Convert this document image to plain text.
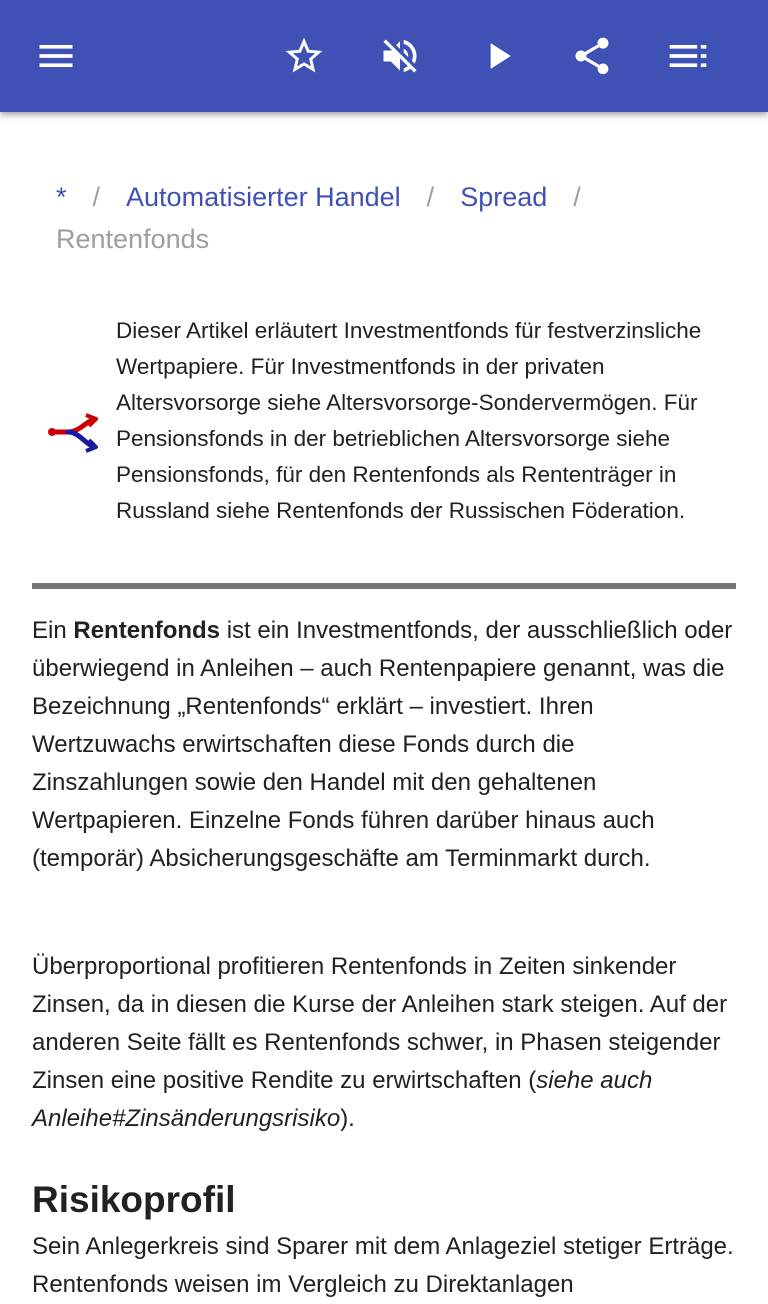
* / Automatisierter Handel / Spread /
Rentenfonds
Dieser Artikel erläutert Investmentfonds für festverzinsliche Wertpapiere. Für Investmentfonds in der privaten Altersvorsorge siehe Altersvorsorge-Sondervermögen. Für Pensionsfonds in der betrieblichen Altersvorsorge siehe Pensionsfonds, für den Rentenfonds als Rententräger in Russland siehe Rentenfonds der Russischen Föderation.

Ein Rentenfonds ist ein Investmentfonds, der ausschließlich oder überwiegend in Anleihen – auch Rentenpapiere genannt, was die Bezeichnung „Rentenfonds“ erklärt – investiert. Ihren Wertzuwachs erwirtschaften diese Fonds durch die Zinszahlungen sowie den Handel mit den gehaltenen Wertpapieren. Einzelne Fonds führen darüber hinaus auch (temporär) Absicherungsgeschäfte am Terminmarkt durch.

Überproportional profitieren Rentenfonds in Zeiten sinkender Zinsen, da in diesen die Kurse der Anleihen stark steigen. Auf der anderen Seite fällt es Rentenfonds schwer, in Phasen steigender Zinsen eine positive Rendite zu erwirtschaften (siehe auch Anleihe#Zinsänderungsrisiko).

Risikoprofil

Sein Anlegerkreis sind Sparer mit dem Anlageziel stetiger Erträge. Rentenfonds weisen im Vergleich zu Direktanlagen
